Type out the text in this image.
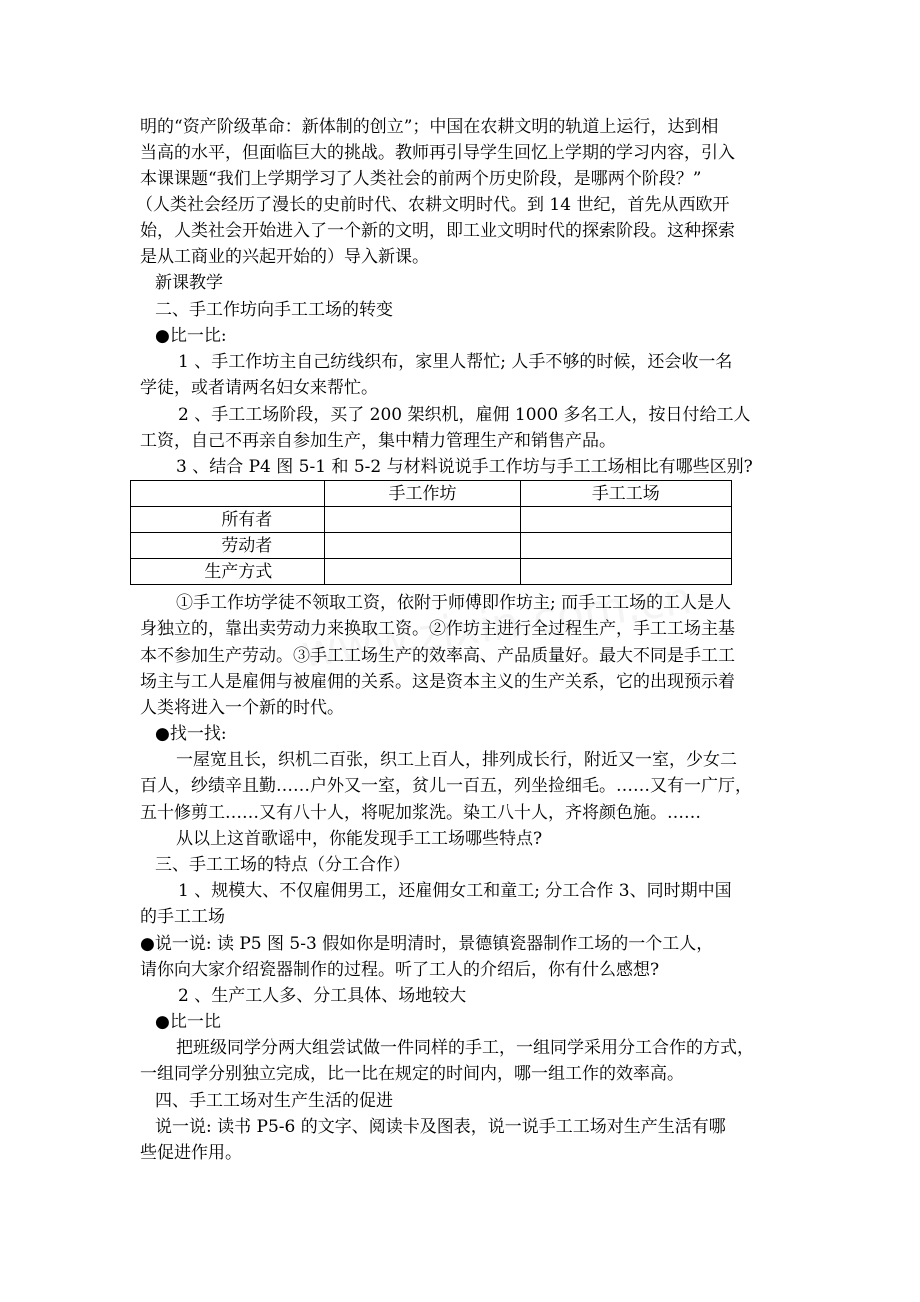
明的“资产阶级革命：新体制的创立”；中国在农耕文明的轨道上运行，达到相
当高的水平，但面临巨大的挑战。教师再引导学生回忆上学期的学习内容，引入
本课课题“我们上学期学习了人类社会的前两个历史阶段，是哪两个阶段？”
（人类社会经历了漫长的史前时代、农耕文明时代。到 14 世纪，首先从西欧开
始，人类社会开始进入了一个新的文明，即工业文明时代的探索阶段。这种探索
是从工商业的兴起开始的）导入新课。
新课教学
二、手工作坊向手工工场的转变
●比一比:
1 、手工作坊主自己纺线织布，家里人帮忙; 人手不够的时候，还会收一名
学徒，或者请两名妇女来帮忙。
2 、手工工场阶段，买了 200 架织机，雇佣 1000 多名工人，按日付给工人
工资，自己不再亲自参加生产，集中精力管理生产和销售产品。
3 、结合 P4 图 5-1 和 5-2 与材料说说手工作坊与手工工场相比有哪些区别?
	手工作坊	手工工场
所有者		
劳动者		
生产方式		
①手工作坊学徒不领取工资，依附于师傅即作坊主; 而手工工场的工人是人
身独立的，靠出卖劳动力来换取工资。②作坊主进行全过程生产，手工工场主基
本不参加生产劳动。③手工工场生产的效率高、产品质量好。最大不同是手工工
场主与工人是雇佣与被雇佣的关系。这是资本主义的生产关系，它的出现预示着
人类将进入一个新的时代。
●找一找:
一屋宽且长，织机二百张，织工上百人，排列成长行，附近又一室，少女二
百人，纱绩辛且勤……户外又一室，贫儿一百五，列坐捡细毛。……又有一广厅，
五十修剪工……又有八十人，将呢加浆洗。染工八十人，齐将颜色施。……
从以上这首歌谣中，你能发现手工工场哪些特点?
三、手工工场的特点（分工合作）
1 、规模大、不仅雇佣男工，还雇佣女工和童工; 分工合作 3、同时期中国
的手工工场
●说一说: 读 P5 图 5-3 假如你是明清时，景德镇瓷器制作工场的一个工人，
请你向大家介绍瓷器制作的过程。听了工人的介绍后，你有什么感想?
2 、生产工人多、分工具体、场地较大
●比一比
把班级同学分两大组尝试做一件同样的手工，一组同学采用分工合作的方式，
一组同学分别独立完成，比一比在规定的时间内，哪一组工作的效率高。
四、手工工场对生产生活的促进
说一说: 读书 P5-6 的文字、阅读卡及图表，说一说手工工场对生产生活有哪
些促进作用。
